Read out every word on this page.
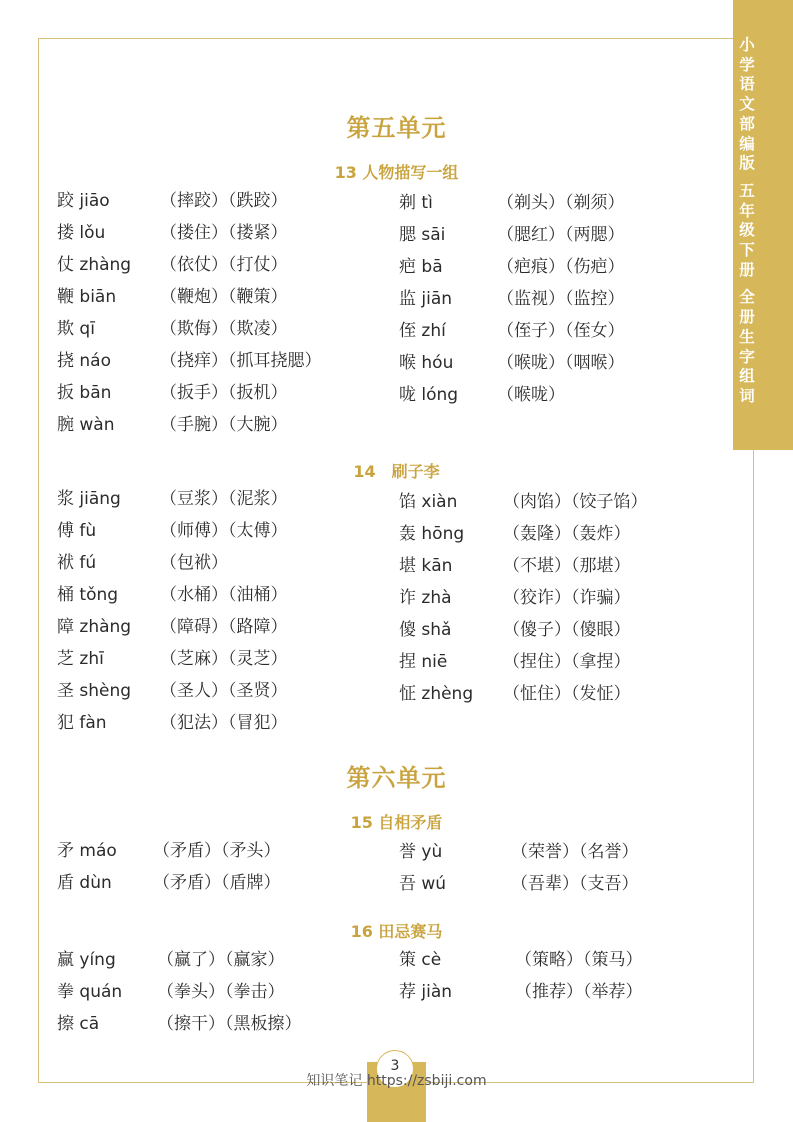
小
学
语
文
部
编
版
五
年
级
下
册
全
册
生
字
组
词
第五单元
第六单元
13 人物描写一组
跤 jiāo	（摔跤）（跌跤）
搂 lǒu	（搂住）（搂紧）
仗 zhàng （依仗）（打仗）
鞭 biān	（鞭炮）（鞭策）
欺 qī	（欺侮）（欺凌）
挠 náo	（挠痒）（抓耳挠腮）
扳 bān	（扳手）（扳机）
腕 wàn	（手腕）（大腕）
剃 tì	（剃头）（剃须）
腮 sāi	（腮红）（两腮）
疤 bā	（疤痕）（伤疤）
监 jiān	（监视）（监控）
侄 zhí	（侄子）（侄女）
喉 hóu	（喉咙）（咽喉）
咙 lóng （喉咙）
14　刷子李
浆 jiāng （豆浆）（泥浆）
傅 fù	（师傅）（太傅）
袱 fú	（包袱）
桶 tǒng （水桶）（油桶）
障 zhàng （障碍）（路障）
芝 zhī	（芝麻）（灵芝）
圣 shèng （圣人）（圣贤）
犯 fàn	（犯法）（冒犯）
馅 xiàn	（肉馅）（饺子馅）
轰 hōng （轰隆）（轰炸）
堪 kān	（不堪）（那堪）
诈 zhà	（狡诈）（诈骗）
傻 shǎ	（傻子）（傻眼）
捏 niē	（捏住）（拿捏）
怔 zhèng （怔住）（发怔）
15 自相矛盾
矛 máo （矛盾）（矛头）
盾 dùn （矛盾）（盾牌）
誉 yù	（荣誉）（名誉）
吾 wú	（吾辈）（支吾）
16 田忌赛马
赢 yíng （赢了）（赢家）
拳 quán （拳头）（拳击）
擦 cā	（擦干）（黑板擦）
策 cè	（策略）（策马）
荐 jiàn	（推荐）（举荐）
3
知识笔记 https://zsbiji.com
